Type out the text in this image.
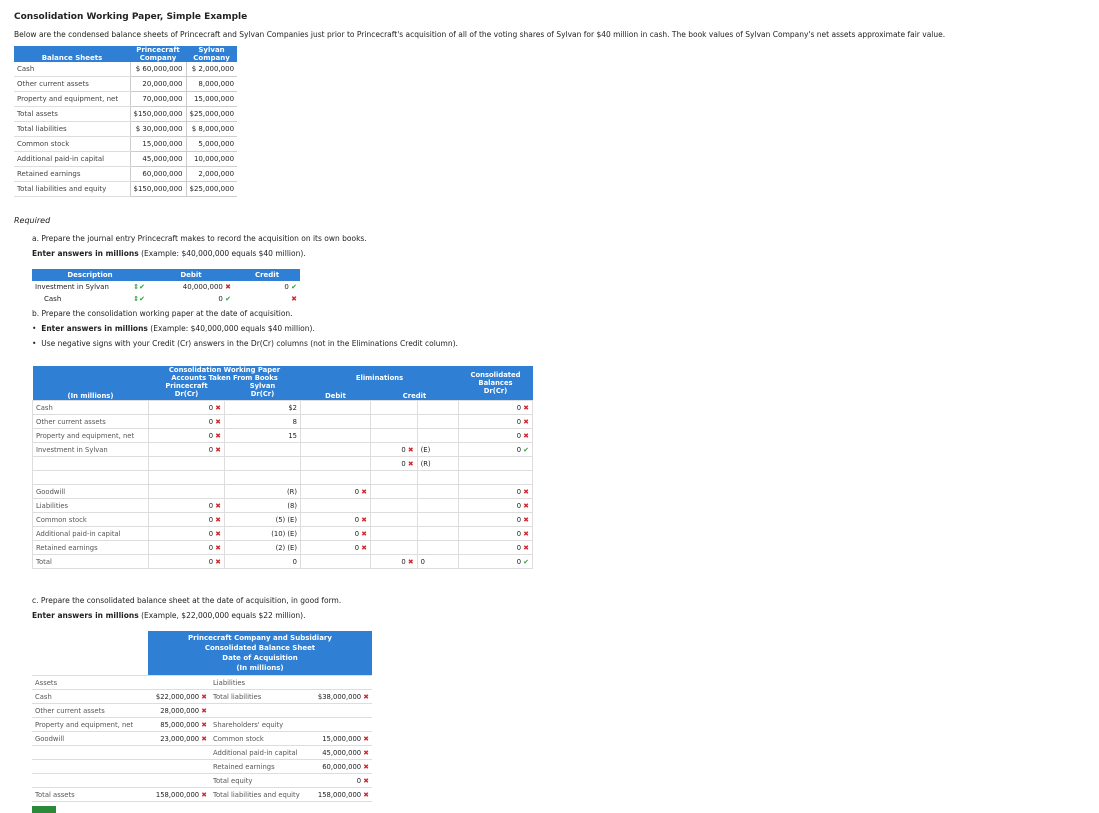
Consolidation Working Paper, Simple Example
Below are the condensed balance sheets of Princecraft and Sylvan Companies just prior to Princecraft's acquisition of all of the voting shares of Sylvan for $40 million in cash. The book values of Sylvan Company's net assets approximate fair value.
Balance Sheets	Princecraft
Company	Sylvan
Company
Cash	$ 60,000,000	$ 2,000,000
Other current assets	20,000,000	8,000,000
Property and equipment, net	70,000,000	15,000,000
Total assets	$150,000,000	$25,000,000
Total liabilities	$ 30,000,000	$ 8,000,000
Common stock	15,000,000	5,000,000
Additional paid-in capital	45,000,000	10,000,000
Retained earnings	60,000,000	2,000,000
Total liabilities and equity	$150,000,000	$25,000,000
Required
a. Prepare the journal entry Princecraft makes to record the acquisition on its own books.
Enter answers in millions (Example: $40,000,000 equals $40 million).
Description	Debit	Credit
Investment in Sylvan ⇕✔	40,000,000 ✖	0 ✔
Cash ⇕✔	0 ✔	✖
b. Prepare the consolidation working paper at the date of acquisition.
•  Enter answers in millions (Example: $40,000,000 equals $40 million).
•  Use negative signs with your Credit (Cr) answers in the Dr(Cr) columns (not in the Eliminations Credit column).
(In millions)	Consolidation Working Paper
Accounts Taken From Books		Eliminations			Consolidated
Balances
Dr(Cr)
	Princecraft
Dr(Cr)	Sylvan
Dr(Cr)	Debit	Credit		

Cash	0 ✖	$2				0 ✖
Other current assets	0 ✖	8				0 ✖
Property and equipment, net	0 ✖	15				0 ✖
Investment in Sylvan	0 ✖			0 ✖	(E)	0 ✔
				0 ✖	(R)	

Goodwill		(R)	0 ✖			0 ✖
Liabilities	0 ✖	(8)				0 ✖
Common stock	0 ✖	(5) (E)	0 ✖			0 ✖
Additional paid-in capital	0 ✖	(10) (E)	0 ✖			0 ✖
Retained earnings	0 ✖	(2) (E)	0 ✖			0 ✖
Total	0 ✖	0		0 ✖	0	0 ✔
c. Prepare the consolidated balance sheet at the date of acquisition, in good form.
Enter answers in millions (Example, $22,000,000 equals $22 million).
	Princecraft Company and Subsidiary
Consolidated Balance Sheet
Date of Acquisition
(In millions)		
Assets		Liabilities	
Cash	$22,000,000 ✖	Total liabilities	$38,000,000 ✖
Other current assets	28,000,000 ✖		
Property and equipment, net	85,000,000 ✖	Shareholders' equity	
Goodwill	23,000,000 ✖	Common stock	15,000,000 ✖
		Additional paid-in capital	45,000,000 ✖
		Retained earnings	60,000,000 ✖
		Total equity	0 ✖
Total assets	158,000,000 ✖	Total liabilities and equity	158,000,000 ✖
